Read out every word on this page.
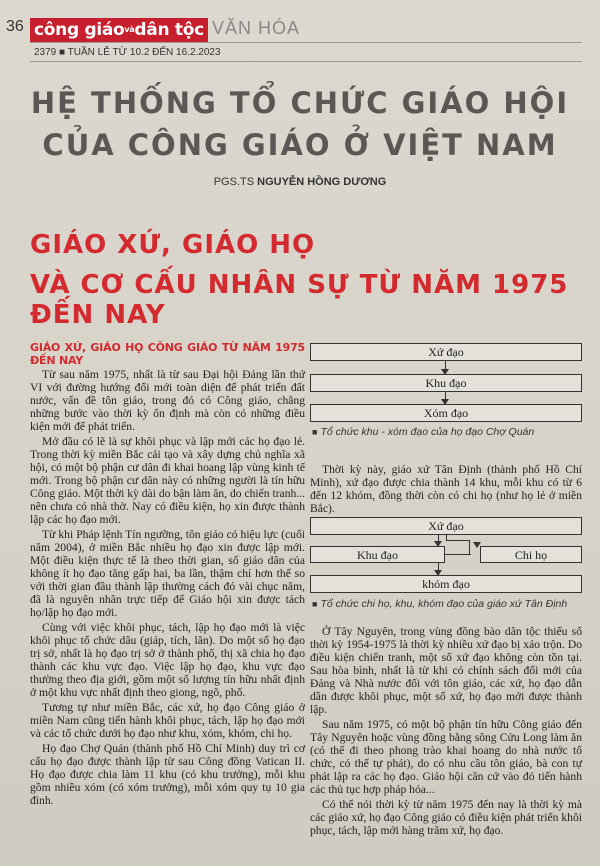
36 công giáovàdân tộc VĂN HÓA
2379 ■ TUẦN LỄ TỪ 10.2 ĐẾN 16.2.2023
HỆ THỐNG TỔ CHỨC GIÁO HỘI
CỦA CÔNG GIÁO Ở VIỆT NAM
PGS.TS NGUYỄN HỒNG DƯƠNG
GIÁO XỨ, GIÁO HỌ
VÀ CƠ CẤU NHÂN SỰ TỪ NĂM 1975 ĐẾN NAY
GIÁO XỨ, GIÁO HỌ CÔNG GIÁO TỪ NĂM 1975 ĐẾN NAY

Từ sau năm 1975, nhất là từ sau Đại hội Đảng lần thứ VI với đường hướng đổi mới toàn diện để phát triển đất nước, vấn đề tôn giáo, trong đó có Công giáo, chẳng những bước vào thời kỳ ổn định mà còn có những điều kiện mới để phát triển.

Mở đầu có lẽ là sự khôi phục và lập mới các họ đạo lẻ. Trong thời kỳ miền Bắc cải tạo và xây dựng chủ nghĩa xã hội, có một bộ phận cư dân đi khai hoang lập vùng kinh tế mới. Trong bộ phận cư dân này có những người là tín hữu Công giáo. Một thời kỳ dài do bận làm ăn, do chiến tranh... nên chưa có nhà thờ. Nay có điều kiện, họ xin được thành lập các họ đạo mới.

Từ khi Pháp lệnh Tín ngưỡng, tôn giáo có hiệu lực (cuối năm 2004), ở miền Bắc nhiều họ đạo xin được lập mới. Một điều kiện thực tế là theo thời gian, số giáo dân của không ít họ đạo tăng gấp hai, ba lần, thậm chí hơn thế so với thời gian đầu thành lập thường cách đó vài chục năm, đã là nguyên nhân trực tiếp để Giáo hội xin được tách họ/lập họ đạo mới.

Cùng với việc khôi phục, tách, lập họ đạo mới là việc khôi phục tổ chức dâu (giáp, tích, lăn). Do một số họ đạo trị sở, nhất là họ đạo trị sở ở thành phố, thị xã chia họ đạo thành các khu vực đạo. Việc lập họ đạo, khu vực đạo thường theo địa giới, gồm một số lượng tín hữu nhất định ở một khu vực nhất định theo giong, ngõ, phố.

Tương tự như miền Bắc, các xứ, họ đạo Công giáo ở miền Nam cũng tiến hành khôi phục, tách, lập họ đạo mới và các tổ chức dưới họ đạo như khu, xóm, khóm, chi họ.

Họ đạo Chợ Quán (thành phố Hồ Chí Minh) duy trì cơ cấu họ đạo được thành lập từ sau Công đồng Vatican II. Họ đạo được chia làm 11 khu (có khu trưởng), mỗi khu gồm nhiều xóm (có xóm trưởng), mỗi xóm quy tụ 10 gia đình.

Xứ đạo
Khu đạo
Xóm đạo
■ Tổ chức khu - xóm đạo của họ đạo Chợ Quán

Thời kỳ này, giáo xứ Tân Định (thành phố Hồ Chí Minh), xứ đạo được chia thành 14 khu, mỗi khu có từ 6 đến 12 khóm, đồng thời còn có chi họ (như họ lẻ ở miền Bắc).

Xứ đạo
Khu đạo	Chi họ
khóm đạo
■ Tổ chức chi họ, khu, khóm đạo của giáo xứ Tân Định

Ở Tây Nguyên, trong vùng đồng bào dân tộc thiểu số thời kỳ 1954-1975 là thời kỳ nhiều xứ đạo bị xáo trộn. Do điều kiện chiến tranh, một số xứ đạo không còn tồn tại. Sau hòa bình, nhất là từ khi có chính sách đổi mới của Đảng và Nhà nước đối với tôn giáo, các xứ, họ đạo dẫn dần được khôi phục, một số xứ, họ đạo mới được thành lập.

Sau năm 1975, có một bộ phận tín hữu Công giáo đến Tây Nguyên hoặc vùng đồng bằng sông Cửu Long làm ăn (có thể đi theo phong trào khai hoang do nhà nước tổ chức, có thể tự phát), do có nhu cầu tôn giáo, bà con tự phát lập ra các họ đạo. Giáo hội căn cứ vào đó tiến hành các thủ tục hợp pháp hóa...

Có thể nói thời kỳ từ năm 1975 đến nay là thời kỳ mà các giáo xứ, họ đạo Công giáo có điều kiện phát triển khôi phục, tách, lập mới hàng trăm xứ, họ đạo.
